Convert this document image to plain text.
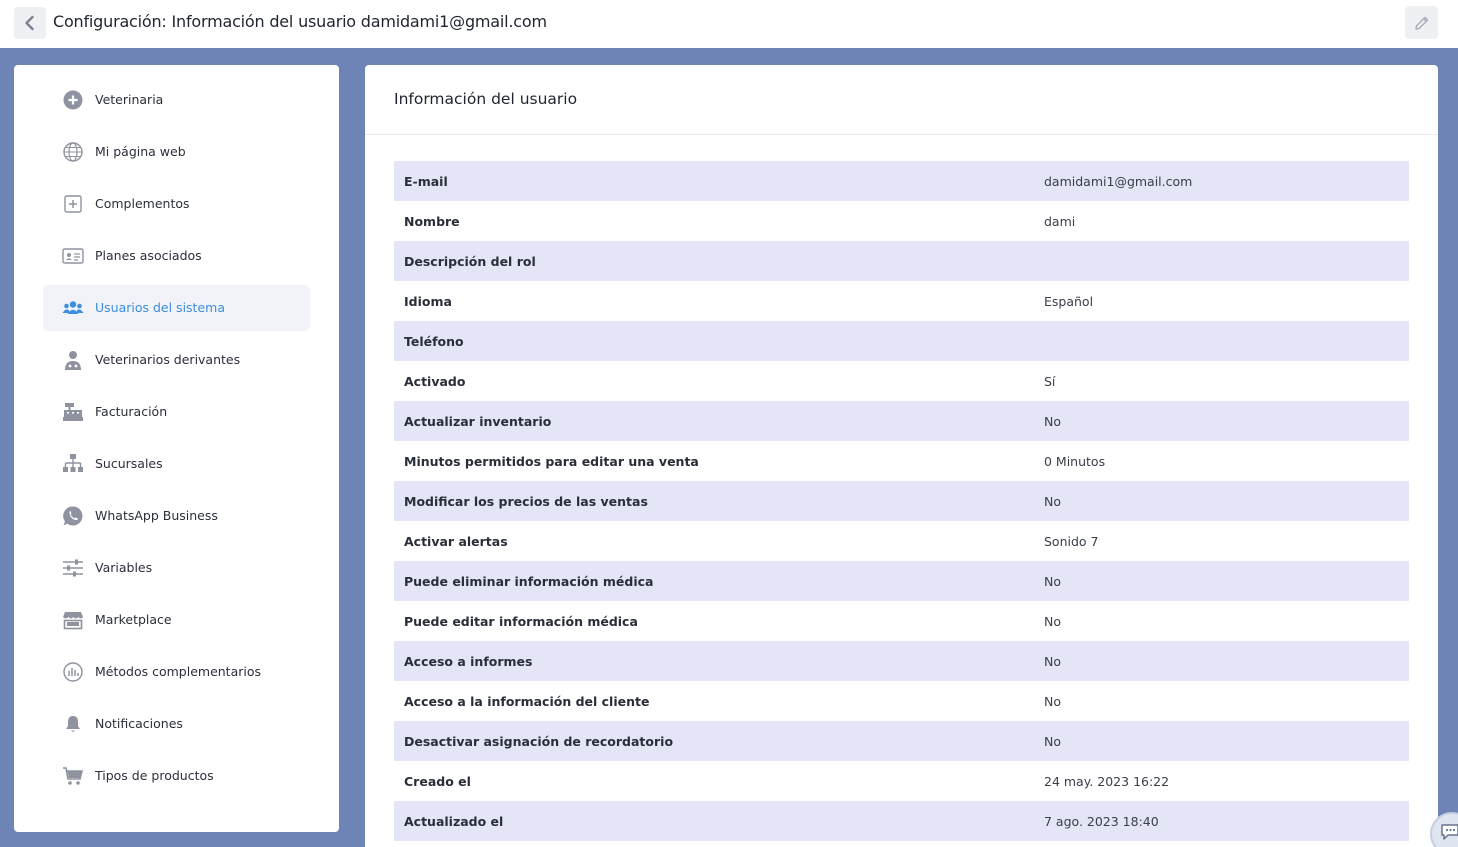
Configuración: Información del usuario damidami1@gmail.com
Veterinaria
Mi página web
Complementos
Planes asociados
Usuarios del sistema
Veterinarios derivantes
Facturación
Sucursales
WhatsApp Business
Variables
Marketplace
Métodos complementarios
Notificaciones
Tipos de productos
Información del usuario
E-mail	damidami1@gmail.com
Nombre	dami
Descripción del rol
Idioma	Español
Teléfono
Activado	Sí
Actualizar inventario	No
Minutos permitidos para editar una venta	0 Minutos
Modificar los precios de las ventas	No
Activar alertas	Sonido 7
Puede eliminar información médica	No
Puede editar información médica	No
Acceso a informes	No
Acceso a la información del cliente	No
Desactivar asignación de recordatorio	No
Creado el	24 may. 2023 16:22
Actualizado el	7 ago. 2023 18:40
